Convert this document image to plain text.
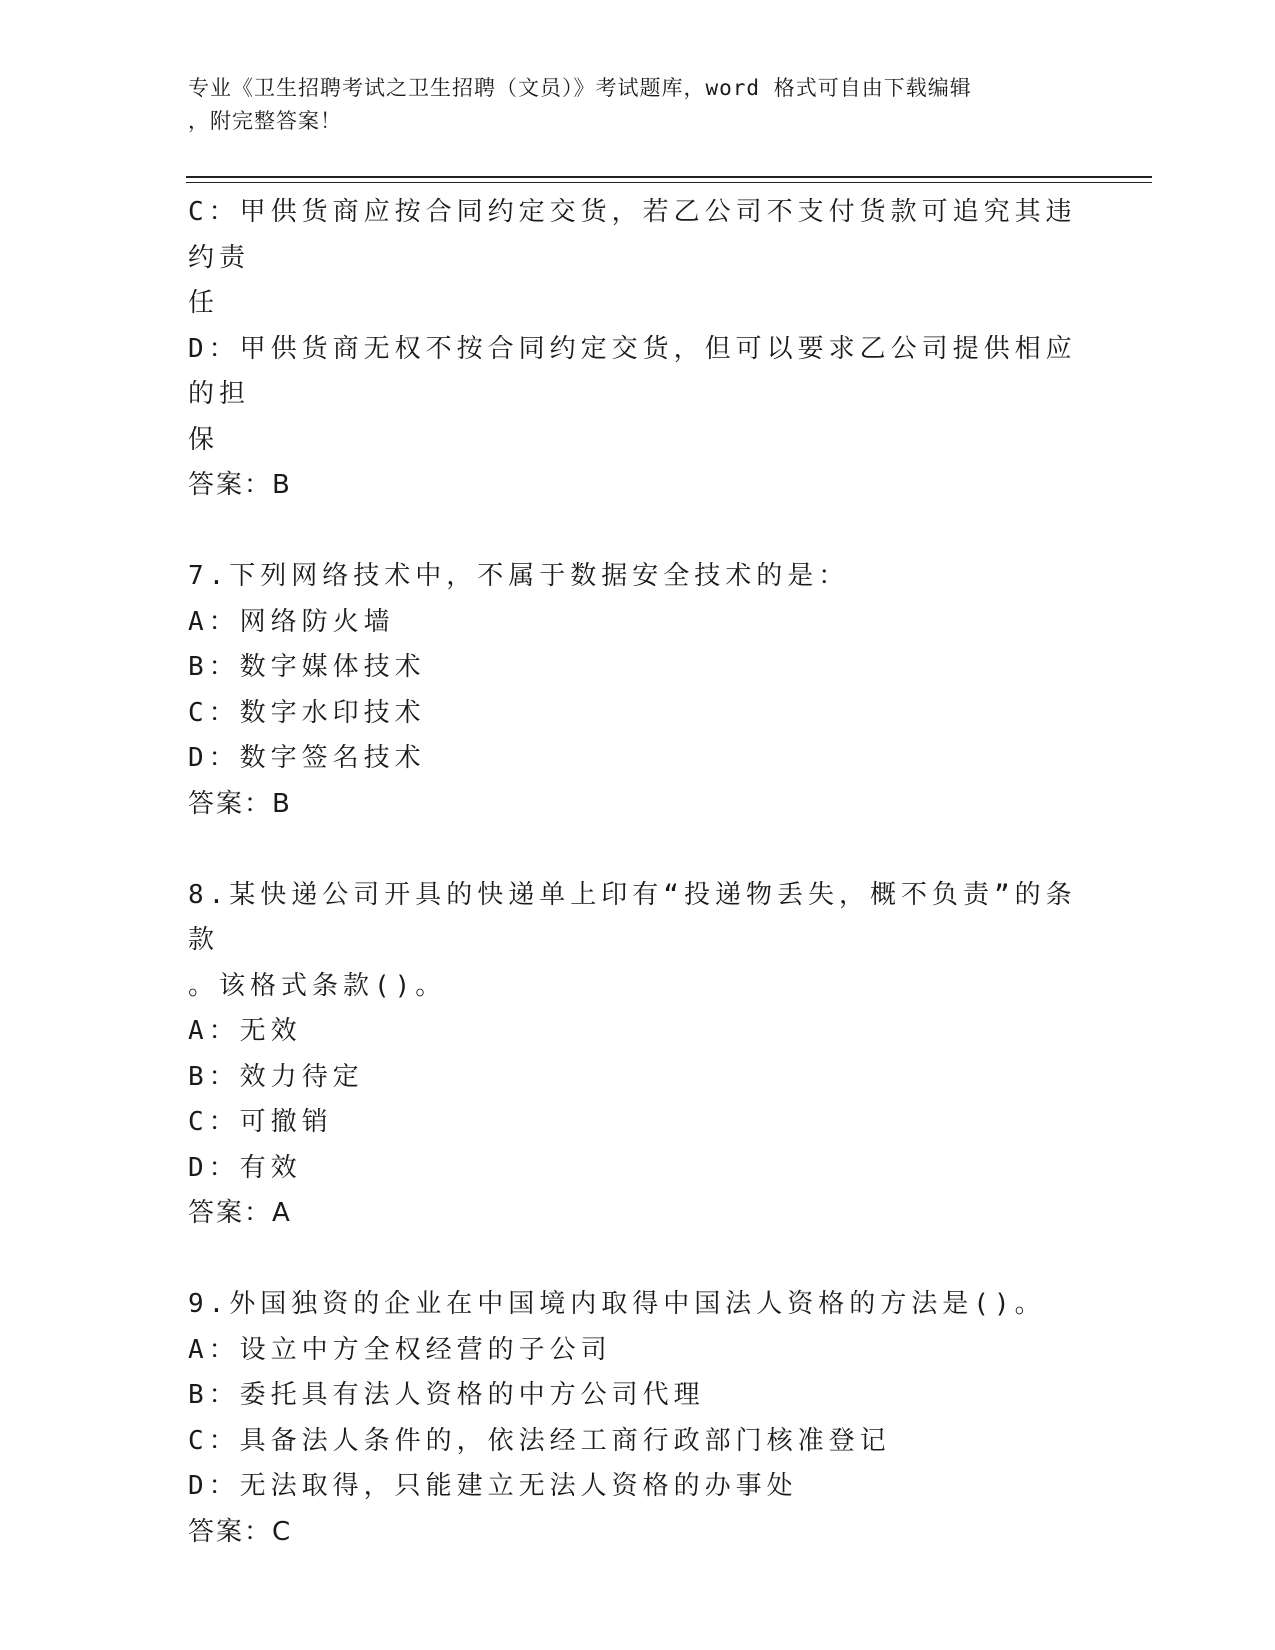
专业《卫生招聘考试之卫生招聘（文员）》考试题库，word 格式可自由下载编辑
，附完整答案！
C：甲供货商应按合同约定交货，若乙公司不支付货款可追究其违约责
任
D：甲供货商无权不按合同约定交货，但可以要求乙公司提供相应的担
保
答案：B
7.下列网络技术中，不属于数据安全技术的是：
A：网络防火墙
B：数字媒体技术
C：数字水印技术
D：数字签名技术
答案：B
8.某快递公司开具的快递单上印有“投递物丢失，概不负责”的条款
。该格式条款()。
A：无效
B：效力待定
C：可撤销
D：有效
答案：A
9.外国独资的企业在中国境内取得中国法人资格的方法是()。
A：设立中方全权经营的子公司
B：委托具有法人资格的中方公司代理
C：具备法人条件的，依法经工商行政部门核准登记
D：无法取得，只能建立无法人资格的办事处
答案：C
